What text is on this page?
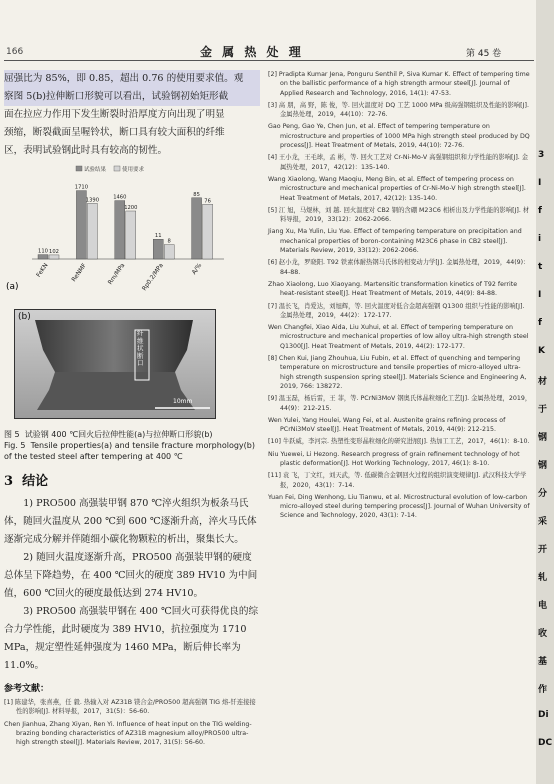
166	金 属 热 处 理	第 45 卷
屈强比为 85%，即 0.85，超出 0.76 的使用要求值。观
察图 5(b)拉伸断口形貌可以看出，试验钢初始矩形截
面在拉应力作用下发生断裂时沿厚度方向出现了明显
颈缩，断裂截面呈喔铃状，断口具有较大面积的纤维
区，表明试验钢此时具有较高的韧性。
试验结果	使用要求
110 102
FeKN
1710
1390
ReNMF
1460
1200
Rm/MPa
11
8
Rp0.2/MPa
85
76
A/%
(a)
纤维状断口
10mm
(b)
图 5 试验钢 400 ℃回火后拉伸性能(a)与拉伸断口形貌(b)
Fig. 5 Tensile properties(a) and tensile fracture morphology(b) of the tested steel after tempering at 400 ℃
3 结论
1) PRO500 高强装甲钢 870 ℃淬火组织为板条马氏体，随回火温度从 200 ℃到 600 ℃逐渐升高，淬火马氏体逐渐完成分解并伴随细小碳化物颗粒的析出，聚集长大。
2) 随回火温度逐渐升高，PRO500 高强装甲钢的硬度总体呈下降趋势，在 400 ℃回火的硬度 389 HV10 为中间值，600 ℃回火的硬度最低达到 274 HV10。
3) PRO500 高强装甲钢在 400 ℃回火可获得优良的综合力学性能，此时硬度为 389 HV10，抗拉强度为 1710 MPa，规定塑性延伸强度为 1460 MPa，断后伸长率为 11.0%。
参考文献：
[1] 陈建华，张喜燕，任 毅. 热输入对 AZ31B 镁合金/PRO500 超高强钢 TIG 熔-钎连接接性的影响[J]. 材料导报，2017，31(5)：56-60.
Chen Jianhua, Zhang Xiyan, Ren Yi. Influence of heat input on the TIG welding-brazing bonding characteristics of AZ31B magnesium alloy/PRO500 ultra-high strength steel[J]. Materials Review, 2017, 31(5): 56-60.
[2] Pradipta Kumar Jena, Ponguru Senthil P, Siva Kumar K. Effect of tempering time on the ballistic performance of a high strength armour steel[J]. Journal of Applied Research and Technology, 2016, 14(1): 47-53.
[3] 高 朋，高 野，陈 俊，等. 回火温度对 DQ 工艺 1000 MPa 级高强钢组织及性能的影响[J]. 金属热处理，2019，44(10)：72-76.
Gao Peng, Gao Ye, Chen Jun, et al. Effect of tempering temperature on microstructure and properties of 1000 MPa high strength steel produced by DQ process[J]. Heat Treatment of Metals, 2019, 44(10): 72-76.
[4] 王小龙，王毛球，孟 彬，等. 回火工艺对 Cr-Ni-Mo-V 高强钢组织和力学性能的影响[J]. 金属热处理，2017，42(12)：135-140.
Wang Xiaolong, Wang Maoqiu, Meng Bin, et al. Effect of tempering process on microstructure and mechanical properties of Cr-Ni-Mo-V high strength steel[J]. Heat Treatment of Metals, 2017, 42(12): 135-140.
[5] 江 旭，马煜林，刘 越. 回火温度对 CB2 钢的含硼 M23C6 相析出及力学性能的影响[J]. 材料导报，2019，33(12)：2062-2066.
Jiang Xu, Ma Yulin, Liu Yue. Effect of tempering temperature on precipitation and mechanical properties of boron-containing M23C6 phase in CB2 steel[J]. Materials Review, 2019, 33(12): 2062-2066.
[6] 赵小龙，罗晓阳. T92 铁素体耐热钢马氏体的相变动力学[J]. 金属热处理，2019，44(9)：84-88.
Zhao Xiaolong, Luo Xiaoyang. Martensitic transformation kinetics of T92 ferrite heat-resistant steel[J]. Heat Treatment of Metals, 2019, 44(9): 84-88.
[7] 温长飞，肖爱达，刘旭辉，等. 回火温度对低合金超高强钢 Q1300 组织与性能的影响[J]. 金属热处理，2019，44(2)：172-177.
Wen Changfei, Xiao Aida, Liu Xuhui, et al. Effect of tempering temperature on microstructure and mechanical properties of low alloy ultra-high strength steel Q1300[J]. Heat Treatment of Metals, 2019, 44(2): 172-177.
[8] Chen Kui, Jiang Zhouhua, Liu Fubin, et al. Effect of quenching and tempering temperature on microstructure and tensile properties of micro-alloyed ultra-high strength suspension spring steel[J]. Materials Science and Engineering A, 2019, 766: 138272.
[9] 温玉磊，杨后雷，王 菲，等. PCrNi3MoV 钢奥氏体晶粒细化工艺[J]. 金属热处理，2019，44(9)：212-215.
Wen Yulei, Yang Houlei, Wang Fei, et al. Austenite grains refining process of PCrNi3MoV steel[J]. Heat Treatment of Metals, 2019, 44(9): 212-215.
[10] 牛跃威，李河宗. 热塑性变形晶粒细化的研究进展[J]. 热加工工艺，2017，46(1)：8-10.
Niu Yuewei, Li Hezong. Research progress of grain refinement technology of hot plastic deformation[J]. Hot Working Technology, 2017, 46(1): 8-10.
[11] 袁 飞，丁文红，刘天武，等. 低碳微合金钢回火过程的组织演变规律[J]. 武汉科技大学学报，2020，43(1)：7-14.
Yuan Fei, Ding Wenhong, Liu Tianwu, et al. Microstructural evolution of low-carbon micro-alloyed steel during tempering process[J]. Journal of Wuhan University of Science and Technology, 2020, 43(1): 7-14.
3
I
f
i
t
I
f
K
材
于
钢
钢
分
采
开
轧
电
收
基
作
Di
DC
